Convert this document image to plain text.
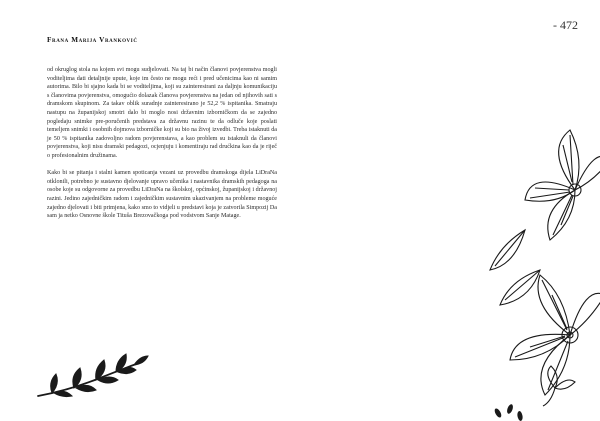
Frana Marija Vranković
- 472

od okruglog stola na kojem svi mogu sudjelovati. Na taj bi način članovi povjerenstva mogli voditeljima dati detaljnije upute, koje im često ne mogu reći i pred učenicima kao ni samim autorima. Bilo bi sjajno kada bi se voditeljima, koji su zainteresirani za daljnju komunikaciju s članovima povjerenstva, omogućio dolazak članova povjerenstva na jedan od njihovih sati s dramskom skupinom. Za takav oblik suradnje zainteresirano je 52,2 % ispitanika. Smatraju nastupu na županijskoj smotri dalo bi moglo nosi državnim izborničkom da se zajedno pogledaju snimke pre-poručenih predstava za državnu razinu te da odluče koje poslati temeljem snimki i osobnih dojmova izborničke koji su bio na živoj izvedbi. Treba istaknuti da je 50 % ispitanika zadovoljno radom povjerenstava, a kao problem su istaknuli da članovi povjerenstva, koji nisu dramski pedagozi, ocjenjuju i komentiraju rad drućkina kao da je riječ o profesionalnim družinama.

Kako bi se pitanja i stalni kamen spoticanja vezani uz provedbu dramskoga dijela LiDraNa otklonili, potrebno je sustavno djelovanje upravo učenika i nastavnika dramskih pedagoga na osobe koje su odgovorne za provedbu LiDraNa na školskoj, općinskoj, županijskoj i državnoj razini. Jedino zajedničkim radom i zajedničkim sustavnim ukazivanjem na probleme moguće zajedno djelovati i biti primjena, kako smo to vidjeli u predstavi koja je zatvorila Simpozij Da sam ja netko Osnovne škole Tituša Brezovačkoga pod vodstvom Sanje Matage.
